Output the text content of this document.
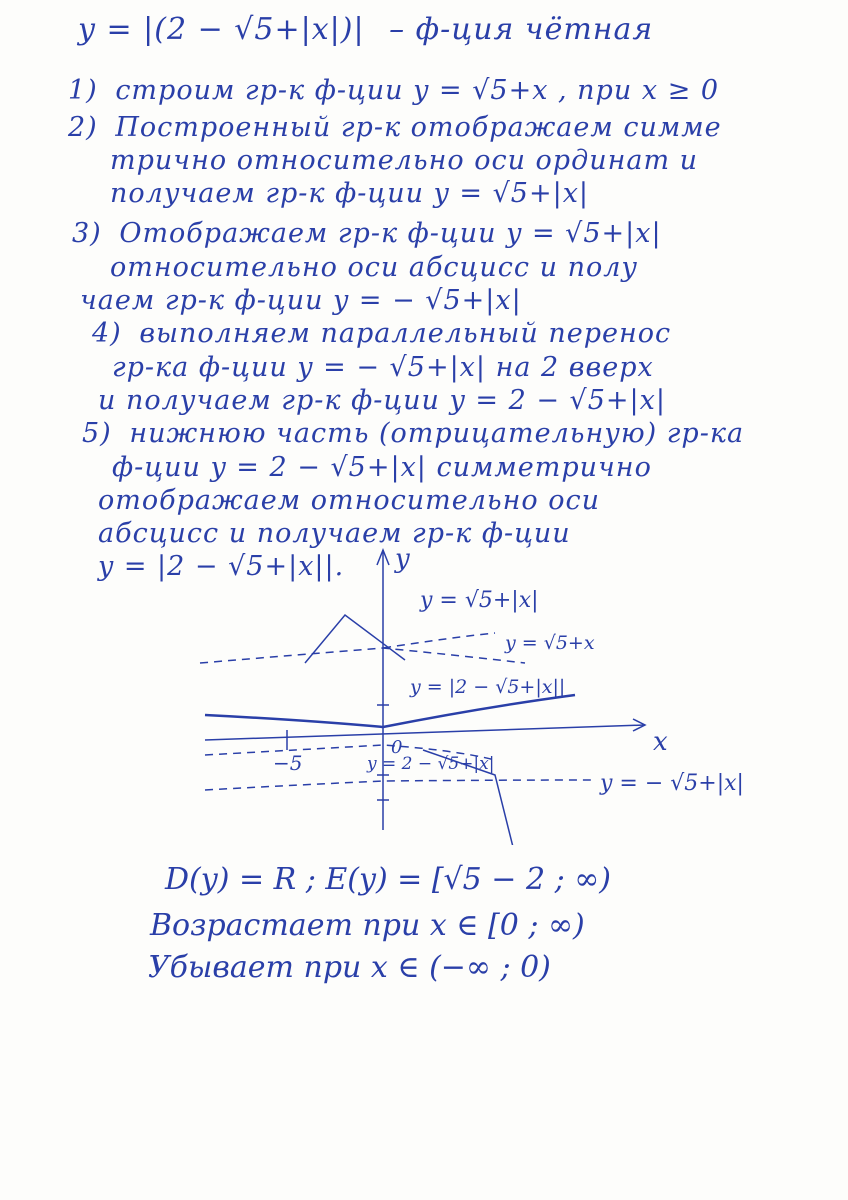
y = |(2 − √5+|x|)| – ф-ция чётная
1) строим гр-к ф-ции y = √5+x , при x ≥ 0
2) Построенный гр-к отображаем симме
трично относительно оси ординат и
получаем гр-к ф-ции y = √5+|x|
3) Отображаем гр-к ф-ции y = √5+|x|
относительно оси абсцисс и полу
чаем гр-к ф-ции y = − √5+|x|
4) выполняем параллельный перенос
гр-ка ф-ции y = − √5+|x| на 2 вверх
и получаем гр-к ф-ции y = 2 − √5+|x|
5) нижнюю часть (отрицательную) гр-ка
ф-ции y = 2 − √5+|x| симметрично
отображаем относительно оси
абсцисс и получаем гр-к ф-ции
y = |2 − √5+|x||. y
x
−5
0
y = √5+|x|
y = √5+x
y = |2 − √5+|x||
y = 2 − √5+|x|
y = − √5+|x|
D(y) = R ; E(y) = [√5 − 2 ; ∞)
Возрастает при x ∈ [0 ; ∞)
Убывает при x ∈ (−∞ ; 0)
